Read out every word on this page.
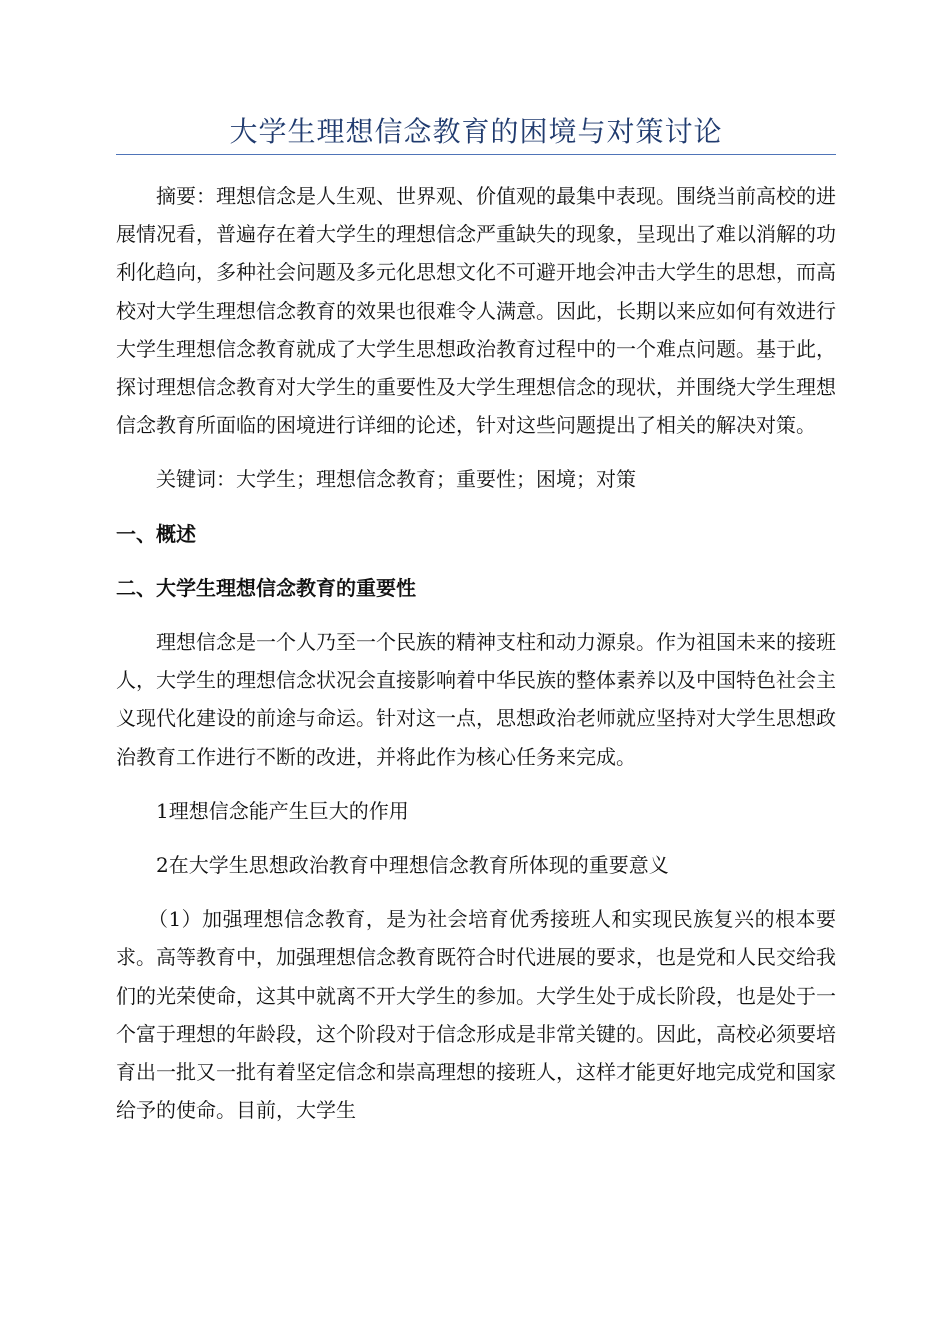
大学生理想信念教育的困境与对策讨论

摘要：理想信念是人生观、世界观、价值观的最集中表现。围绕当前高校的进展情况看，普遍存在着大学生的理想信念严重缺失的现象，呈现出了难以消解的功利化趋向，多种社会问题及多元化思想文化不可避开地会冲击大学生的思想，而高校对大学生理想信念教育的效果也很难令人满意。因此，长期以来应如何有效进行大学生理想信念教育就成了大学生思想政治教育过程中的一个难点问题。基于此，探讨理想信念教育对大学生的重要性及大学生理想信念的现状，并围绕大学生理想信念教育所面临的困境进行详细的论述，针对这些问题提出了相关的解决对策。

关键词：大学生；理想信念教育；重要性；困境；对策

一、概述

二、大学生理想信念教育的重要性

理想信念是一个人乃至一个民族的精神支柱和动力源泉。作为祖国未来的接班人，大学生的理想信念状况会直接影响着中华民族的整体素养以及中国特色社会主义现代化建设的前途与命运。针对这一点，思想政治老师就应坚持对大学生思想政治教育工作进行不断的改进，并将此作为核心任务来完成。

1理想信念能产生巨大的作用

2在大学生思想政治教育中理想信念教育所体现的重要意义

（1）加强理想信念教育，是为社会培育优秀接班人和实现民族复兴的根本要求。高等教育中，加强理想信念教育既符合时代进展的要求，也是党和人民交给我们的光荣使命，这其中就离不开大学生的参加。大学生处于成长阶段，也是处于一个富于理想的年龄段，这个阶段对于信念形成是非常关键的。因此，高校必须要培育出一批又一批有着坚定信念和崇高理想的接班人，这样才能更好地完成党和国家给予的使命。目前，大学生
